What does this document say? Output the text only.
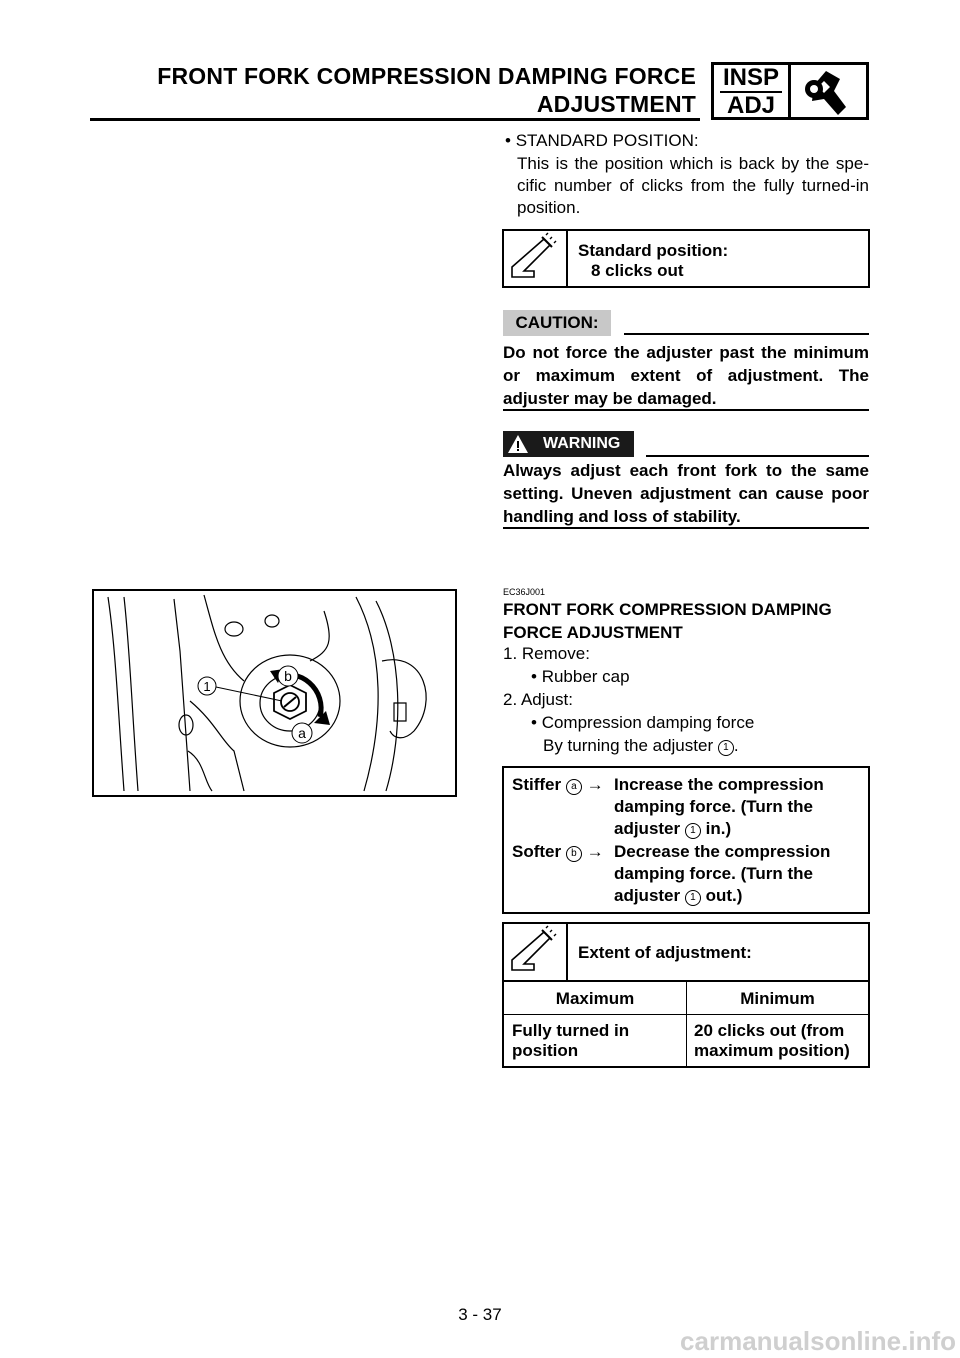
FRONT FORK COMPRESSION DAMPING FORCE
ADJUSTMENT
INSP
ADJ
• STANDARD POSITION:
This is the position which is back by the spe-cific number of clicks from the fully turned-in position.
Standard position:
8 clicks out
CAUTION:
Do not force the adjuster past the minimum or maximum extent of adjustment. The adjuster may be damaged.
WARNING
Always adjust each front fork to the same setting. Uneven adjustment can cause poor handling and loss of stability.
1
b
a
EC36J001
FRONT FORK COMPRESSION DAMPING
FORCE ADJUSTMENT
1. Remove:
• Rubber cap
2. Adjust:
• Compression damping force
By turning the adjuster 1 .
Stiffer a → Increase the compression
damping force. (Turn the
adjuster 1 in.)
Softer b → Decrease the compression
damping force. (Turn the
adjuster 1 out.)
Extent of adjustment:
Maximum	Minimum
Fully turned in
position
20 clicks out (from
maximum position)
3 - 37
carmanualsonline.info
